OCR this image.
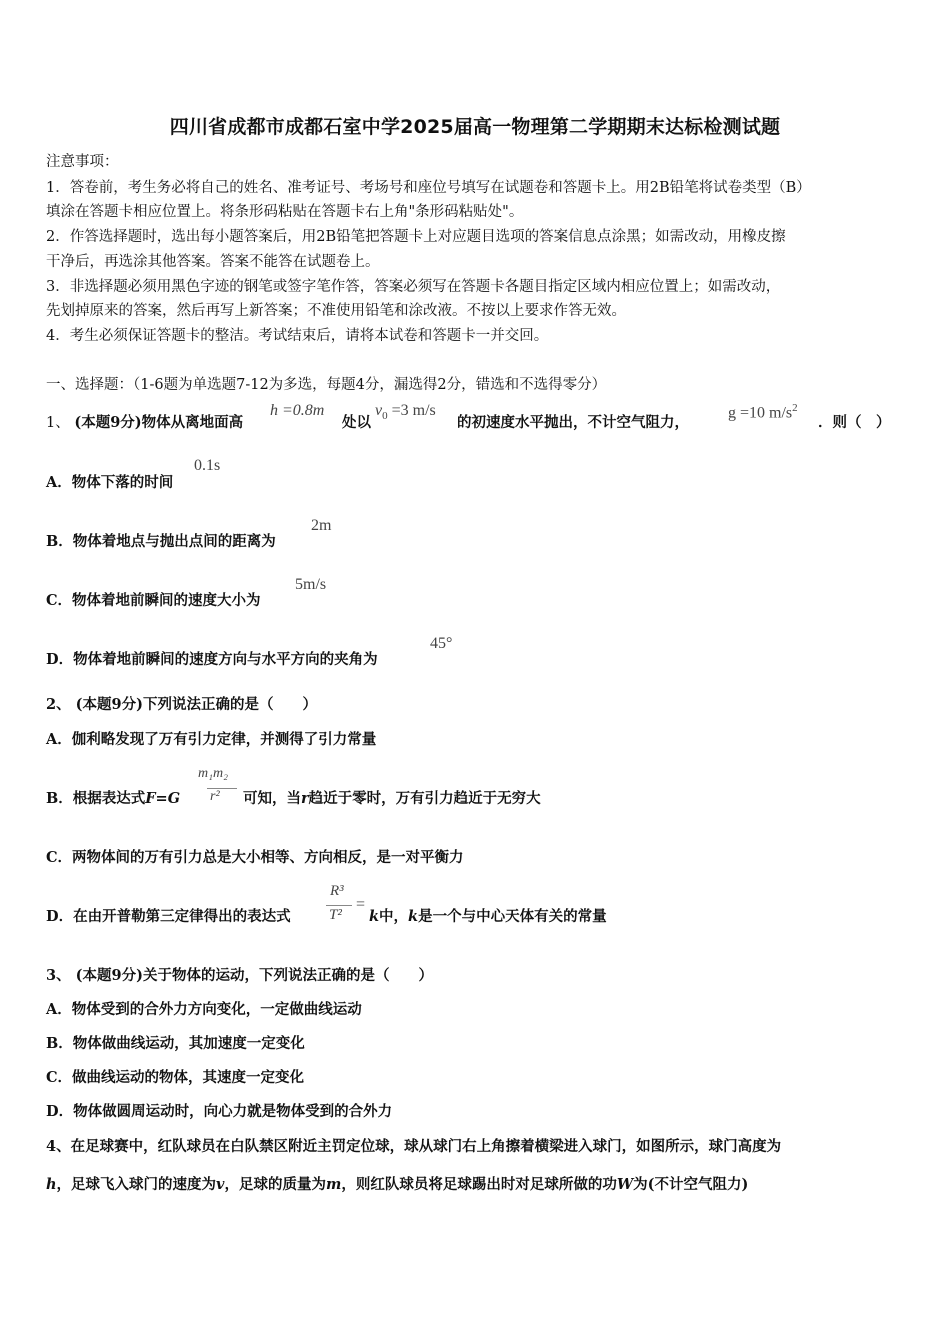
四川省成都市成都石室中学2025届高一物理第二学期期末达标检测试题
注意事项：
1．答卷前，考生务必将自己的姓名、准考证号、考场号和座位号填写在试题卷和答题卡上。用2B铅笔将试卷类型（B）
填涂在答题卡相应位置上。将条形码粘贴在答题卡右上角"条形码粘贴处"。
2．作答选择题时，选出每小题答案后，用2B铅笔把答题卡上对应题目选项的答案信息点涂黑；如需改动，用橡皮擦
干净后，再选涂其他答案。答案不能答在试题卷上。
3．非选择题必须用黑色字迹的钢笔或签字笔作答，答案必须写在答题卡各题目指定区域内相应位置上；如需改动，
先划掉原来的答案，然后再写上新答案；不准使用铅笔和涂改液。不按以上要求作答无效。
4．考生必须保证答题卡的整洁。考试结束后，请将本试卷和答题卡一并交回。
一、选择题：（1-6题为单选题7-12为多选，每题4分，漏选得2分，错选和不选得零分）
1、 (本题9分)物体从离地面高
h =0.8m
处以
$v_0 =3$ m/s
的初速度水平抛出，不计空气阻力，
g =10 $m/s^2$
．则（　）
A．物体下落的时间
0.1s
B．物体着地点与抛出点间的距离为
2m
C．物体着地前瞬间的速度大小为
5m/s
D．物体着地前瞬间的速度方向与水平方向的夹角为
45°
2、 (本题9分)下列说法正确的是（　　）
A．伽利略发现了万有引力定律，并测得了引力常量
B．根据表达式F=G
m₁m₂
r² 可知，当r趋近于零时，万有引力趋近于无穷大
C．两物体间的万有引力总是大小相等、方向相反，是一对平衡力
D．在由开普勒第三定律得出的表达式
R³
T²
=
k中，k是一个与中心天体有关的常量
3、 (本题9分)关于物体的运动，下列说法正确的是（　　）
A．物体受到的合外力方向变化，一定做曲线运动
B．物体做曲线运动，其加速度一定变化
C．做曲线运动的物体，其速度一定变化
D．物体做圆周运动时，向心力就是物体受到的合外力
4、在足球赛中，红队球员在白队禁区附近主罚定位球，球从球门右上角擦着横梁进入球门，如图所示，球门高度为
h，足球飞入球门的速度为v，足球的质量为m，则红队球员将足球踢出时对足球所做的功W为(不计空气阻力)
